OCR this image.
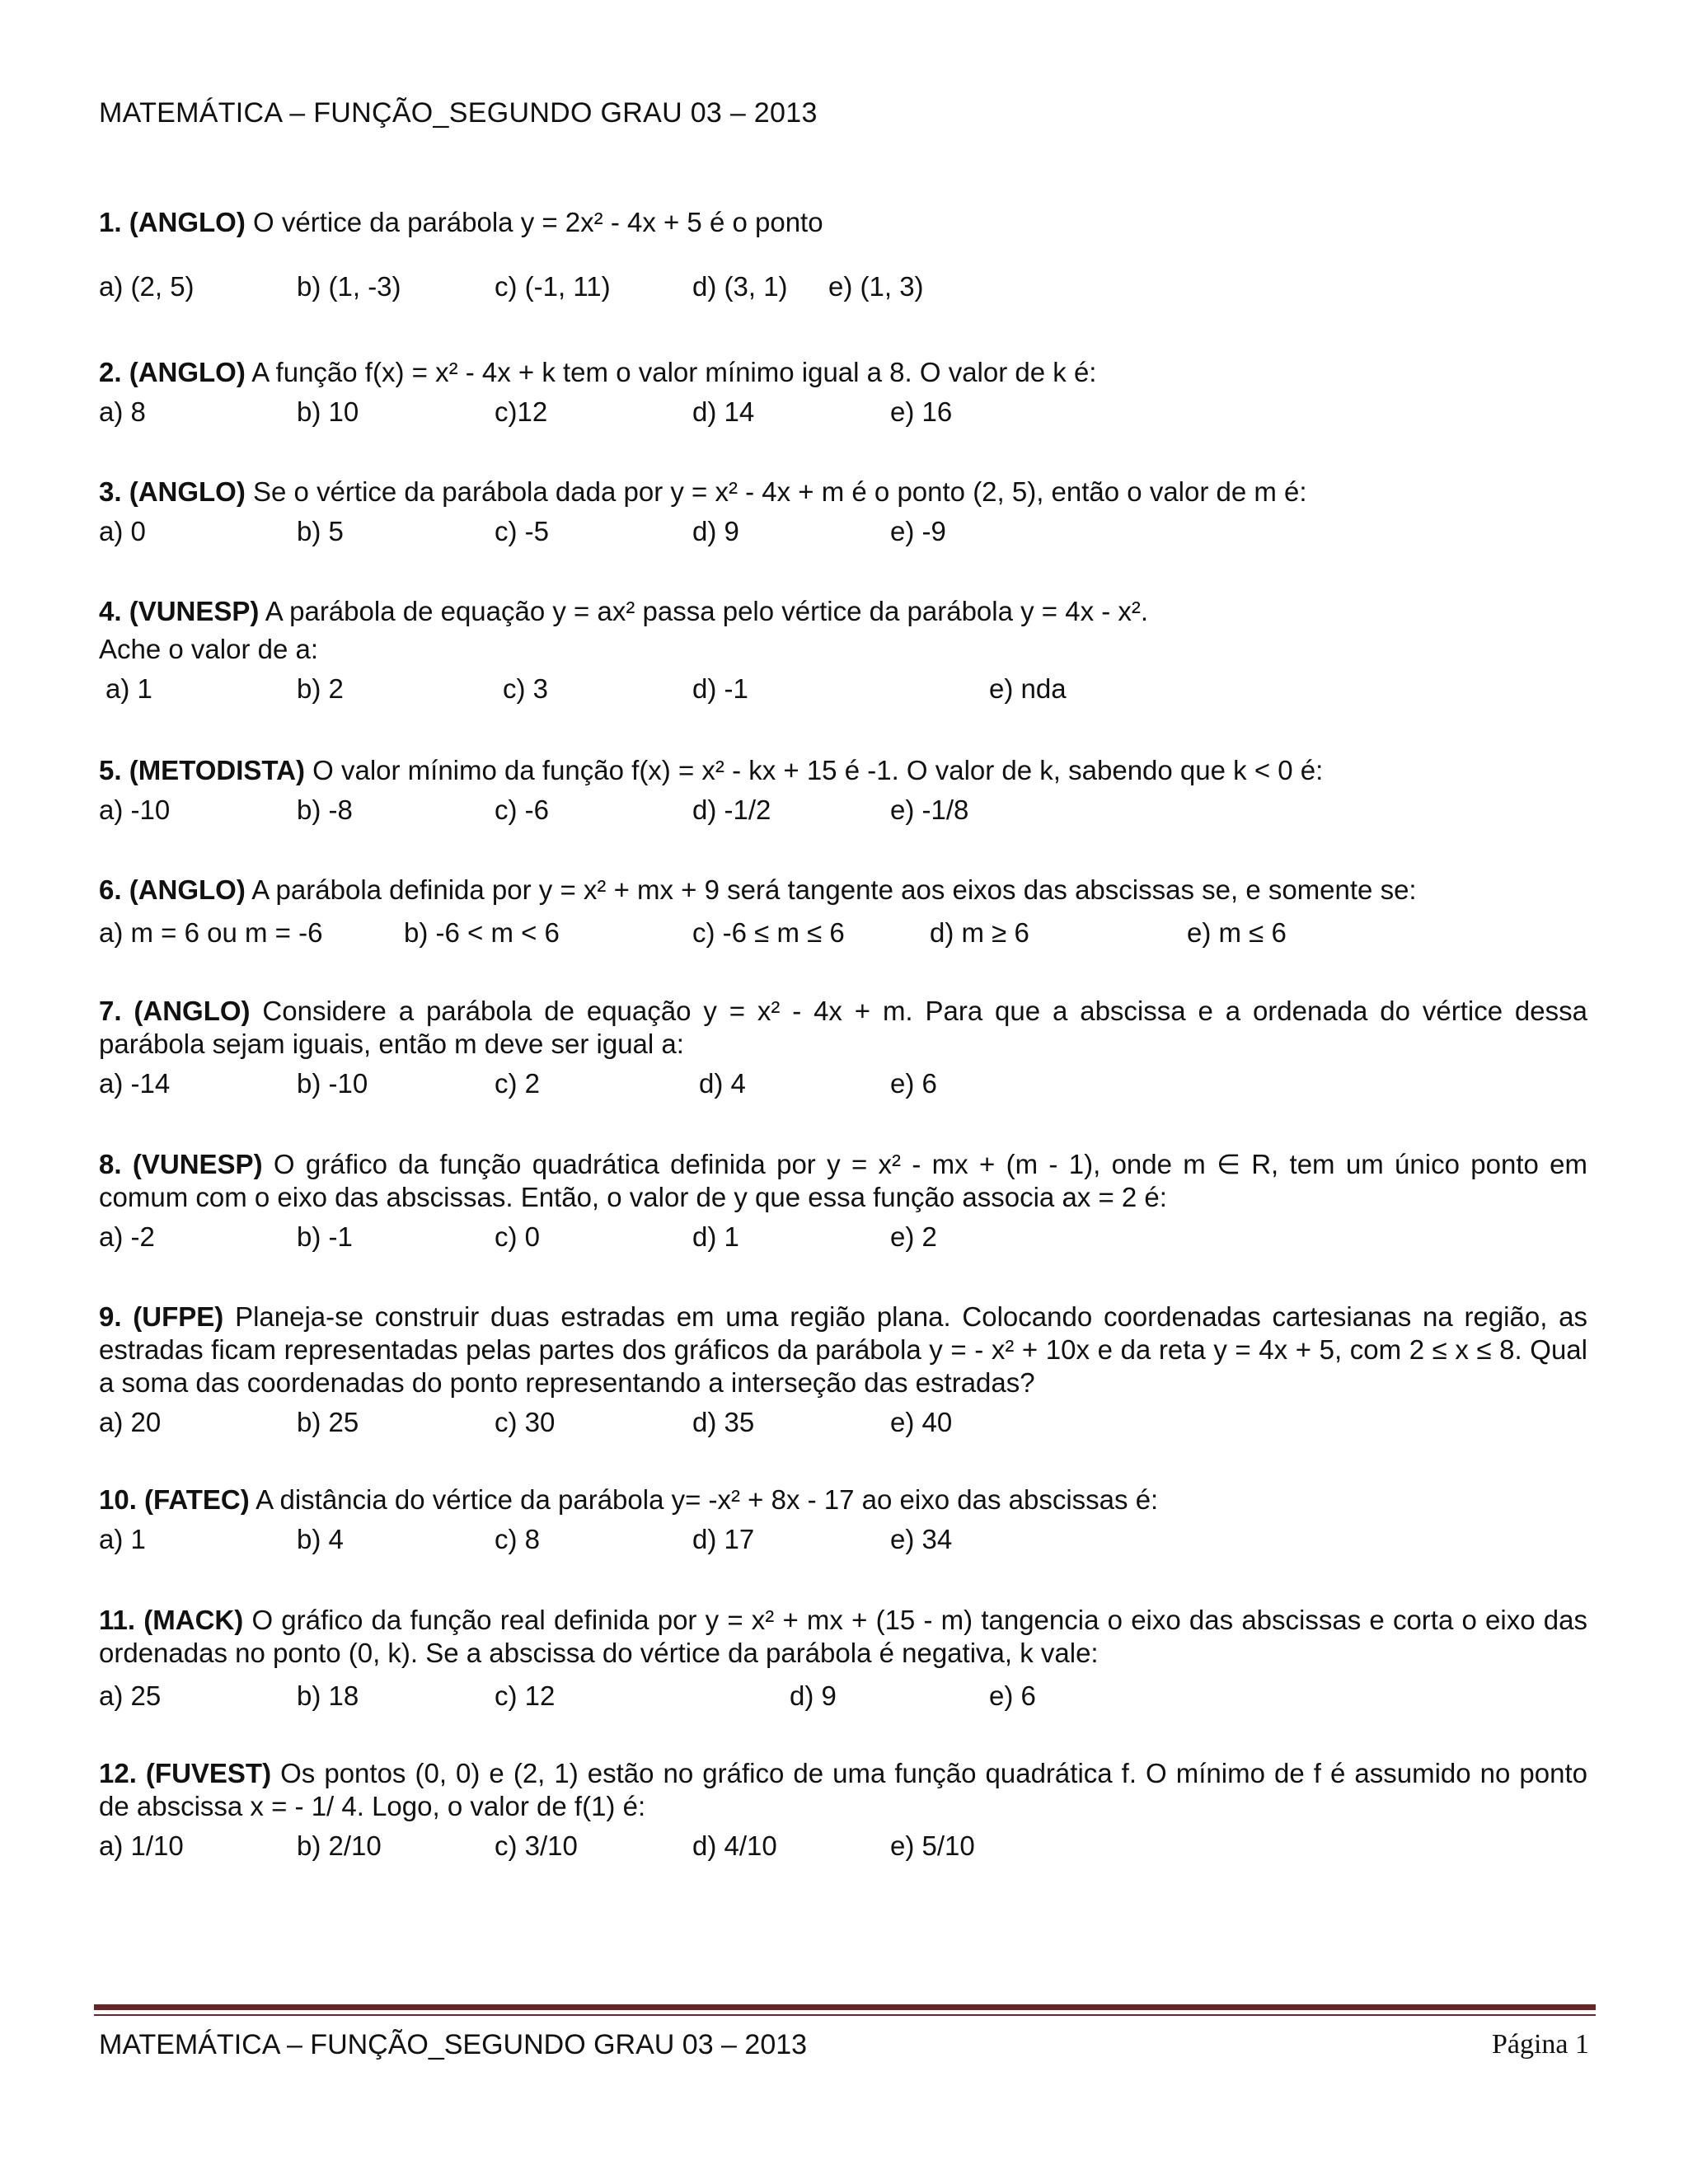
MATEMÁTICA – FUNÇÃO_SEGUNDO GRAU 03 – 2013
1. (ANGLO) O vértice da parábola y = 2x² - 4x + 5 é o ponto
a) (2, 5)	b) (1, -3)	c) (-1, 11)	d) (3, 1) e) (1, 3)
2. (ANGLO) A função f(x) = x² - 4x + k tem o valor mínimo igual a 8. O valor de k é:
a) 8	b) 10	c)12	d) 14	e) 16
3. (ANGLO) Se o vértice da parábola dada por y = x² - 4x + m é o ponto (2, 5), então o valor de m é:
a) 0	b) 5	c) -5	d) 9	e) -9
4. (VUNESP) A parábola de equação y = ax² passa pelo vértice da parábola y = 4x - x².
Ache o valor de a:
a) 1	b) 2	c) 3	d) -1	e) nda
5. (METODISTA) O valor mínimo da função f(x) = x² - kx + 15 é -1. O valor de k, sabendo que k < 0 é:
a) -10	b) -8	c) -6	d) -1/2	e) -1/8
6. (ANGLO) A parábola definida por y = x² + mx + 9 será tangente aos eixos das abscissas se, e somente se:
a) m = 6 ou m = -6	b) -6 < m < 6	c) -6 ≤ m ≤ 6	d) m ≥ 6	e) m ≤ 6
7. (ANGLO) Considere a parábola de equação y = x² - 4x + m. Para que a abscissa e a ordenada do vértice dessa parábola sejam iguais, então m deve ser igual a:
a) -14	b) -10	c) 2	d) 4	e) 6
8. (VUNESP) O gráfico da função quadrática definida por y = x² - mx + (m - 1), onde m ∈ R, tem um único ponto em comum com o eixo das abscissas. Então, o valor de y que essa função associa ax = 2 é:
a) -2	b) -1	c) 0	d) 1	e) 2
9. (UFPE) Planeja-se construir duas estradas em uma região plana. Colocando coordenadas cartesianas na região, as estradas ficam representadas pelas partes dos gráficos da parábola y = - x² + 10x e da reta y = 4x + 5, com 2 ≤ x ≤ 8. Qual a soma das coordenadas do ponto representando a interseção das estradas?
a) 20	b) 25	c) 30	d) 35	e) 40
10. (FATEC) A distância do vértice da parábola y= -x² + 8x - 17 ao eixo das abscissas é:
a) 1	b) 4	c) 8	d) 17	e) 34
11. (MACK) O gráfico da função real definida por y = x² + mx + (15 - m) tangencia o eixo das abscissas e corta o eixo das ordenadas no ponto (0, k). Se a abscissa do vértice da parábola é negativa, k vale:
a) 25	b) 18	c) 12	d) 9	e) 6
12. (FUVEST) Os pontos (0, 0) e (2, 1) estão no gráfico de uma função quadrática f. O mínimo de f é assumido no ponto de abscissa x = - 1/ 4. Logo, o valor de f(1) é:
a) 1/10	b) 2/10	c) 3/10	d) 4/10	e) 5/10
MATEMÁTICA – FUNÇÃO_SEGUNDO GRAU 03 – 2013	Página 1
